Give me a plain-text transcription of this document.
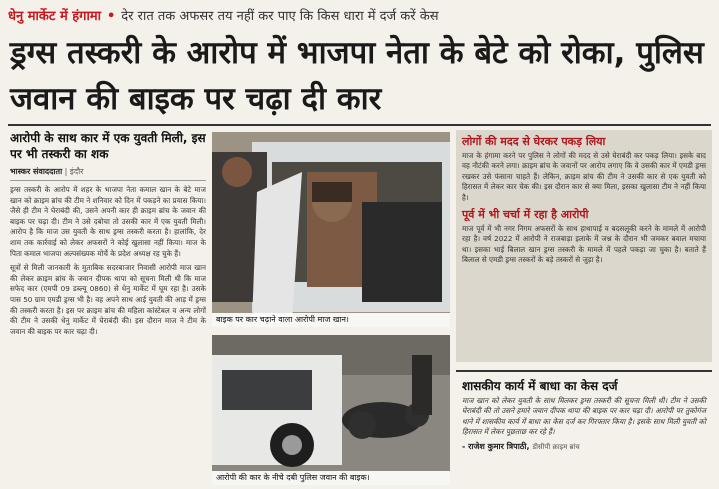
धेनु मार्केट में हंगामा • देर रात तक अफसर तय नहीं कर पाए कि किस धारा में दर्ज करें केस
ड्रग्स तस्करी के आरोप में भाजपा नेता के बेटे को रोका, पुलिस जवान की बाइक पर चढ़ा दी कार
आरोपी के साथ कार में एक युवती मिली, इस पर भी तस्करी का शक
भास्कर संवाददाता | इंदौर

ड्रग्स तस्करी के आरोप में शहर के भाजपा नेता कमाल खान के बेटे माज खान को क्राइम ब्रांच की टीम ने शनिवार को दिन में पकड़ने का प्रयास किया। जैसे ही टीम ने घेराबंदी की, उसने अपनी कार ही क्राइम ब्रांच के जवान की बाइक पर चढ़ा दी। टीम ने उसे दबोचा तो उसकी कार में एक युवती मिली। आरोप है कि माज उस युवती के साथ ड्रग्स तस्करी करता है। हालांकि, देर शाम तक कार्रवाई को लेकर अफसरों ने कोई खुलासा नहीं किया। माज के पिता कमाल भाजपा अल्पसंख्यक मोर्चे के प्रदेश अध्यक्ष रह चुके हैं।

सूत्रों से मिली जानकारी के मुताबिक सदरबाजार निवासी आरोपी माज खान की लेकर क्राइम ब्रांच के जवान दीपक थापा को सूचना मिली थी कि माज सफेद कार (एमपी 09 डब्ल्यू 0860) से धेनु मार्केट में घूम रहा है। उसके पास 50 ग्राम एमडी ड्रग्स भी है। वह अपने साथ आई युवती की आड़ में ड्रग्स की तस्करी करता है। इस पर क्राइम ब्रांच की महिला कांस्टेबल व अन्य लोगों की टीम ने उसकी धेनु मार्केट में घेराबंदी की। इस दौरान माज ने टीम के जवान की बाइक पर कार चढ़ा दी।

बाइक पर कार चढ़ाने वाला आरोपी माज खान।
आरोपी की कार के नीचे दबी पुलिस जवान की बाइक।
लोगों की मदद से घेरकर पकड़ लिया

माज के हंगामा करने पर पुलिस ने लोगों की मदद से उसे घेराबंदी कर पकड़ लिया। इसके बाद वह नौटंकी करने लगा। क्राइम ब्रांच के जवानों पर आरोप लगाए कि वे उसकी कार में एमडी ड्रग्स रखकर उसे फंसाना चाहते हैं। लेकिन, क्राइम ब्रांच की टीम ने उसकी कार से एक युवती को हिरासत में लेकर कार चेक की। इस दौरान कार से क्या मिला, इसका खुलासा टीम ने नहीं किया है।

पूर्व में भी चर्चा में रहा है आरोपी

माज पूर्व में भी नगर निगम अफसरों के साथ हाथापाई व बदसलूकी करने के मामले में आरोपी रहा है। वर्ष 2022 में आरोपी ने राजबाड़ा इलाके में जश्न के दौरान भी जमकर बवाल मचाया था। इसका भाई बिलाल खान ड्रग्स तस्करी के मामले में पहले पकड़ा जा चुका है। बताते हैं बिलाल से एमडी ड्रग्स तस्करों के बड़े तस्करों से जुड़ा है।

शासकीय कार्य में बाधा का केस दर्ज

माज खान को लेकर युवती के साथ मिलकर ड्रग्स तस्करी की सूचना मिली थी। टीम ने उसकी घेराबंदी की तो उसने हमारे जवान दीपक थापा की बाइक पर कार चढ़ा दी। आरोपी पर तुकोगंज थाने में शासकीय कार्य में बाधा का केस दर्ज कर गिरफ्तार किया है। इसके साथ मिली युवती को हिरासत में लेकर पूछताछ कर रहे हैं।

- राजेश कुमार त्रिपाठी, डीसीपी क्राइम ब्रांच
